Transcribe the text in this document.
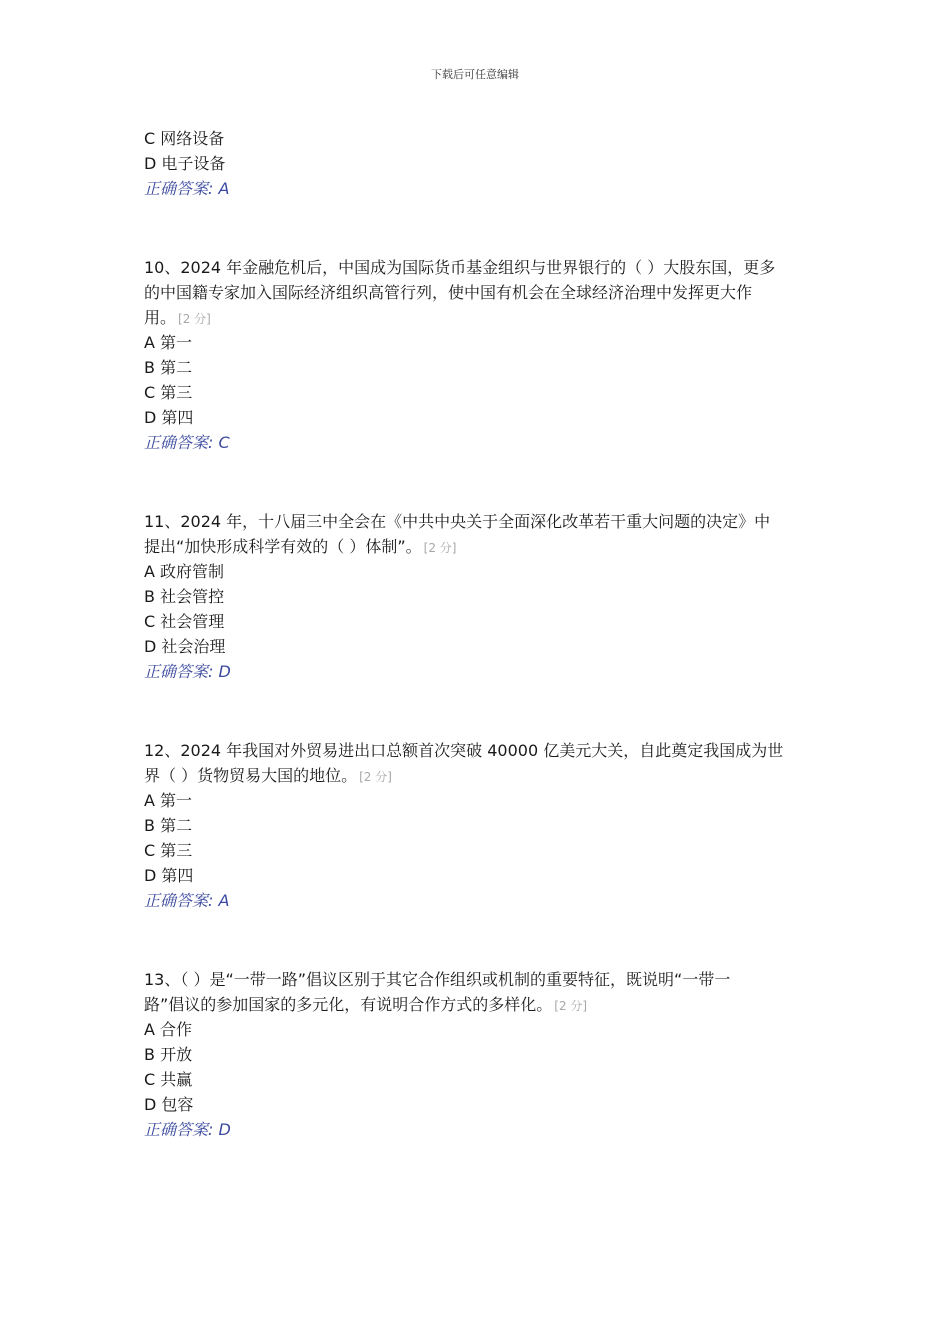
下载后可任意编辑
C 网络设备
D 电子设备
正确答案: A
10、2024 年金融危机后，中国成为国际货币基金组织与世界银行的（ ）大股东国，更多
的中国籍专家加入国际经济组织高管行列，使中国有机会在全球经济治理中发挥更大作
用。 [2 分]
A 第一
B 第二
C 第三
D 第四
正确答案: C
11、2024 年，十八届三中全会在《中共中央关于全面深化改革若干重大问题的决定》中
提出“加快形成科学有效的（ ）体制”。 [2 分]
A 政府管制
B 社会管控
C 社会管理
D 社会治理
正确答案: D
12、2024 年我国对外贸易进出口总额首次突破 40000 亿美元大关，自此奠定我国成为世
界（ ）货物贸易大国的地位。 [2 分]
A 第一
B 第二
C 第三
D 第四
正确答案: A
13、（ ）是“一带一路”倡议区别于其它合作组织或机制的重要特征，既说明“一带一
路”倡议的参加国家的多元化，有说明合作方式的多样化。 [2 分]
A 合作
B 开放
C 共赢
D 包容
正确答案: D
